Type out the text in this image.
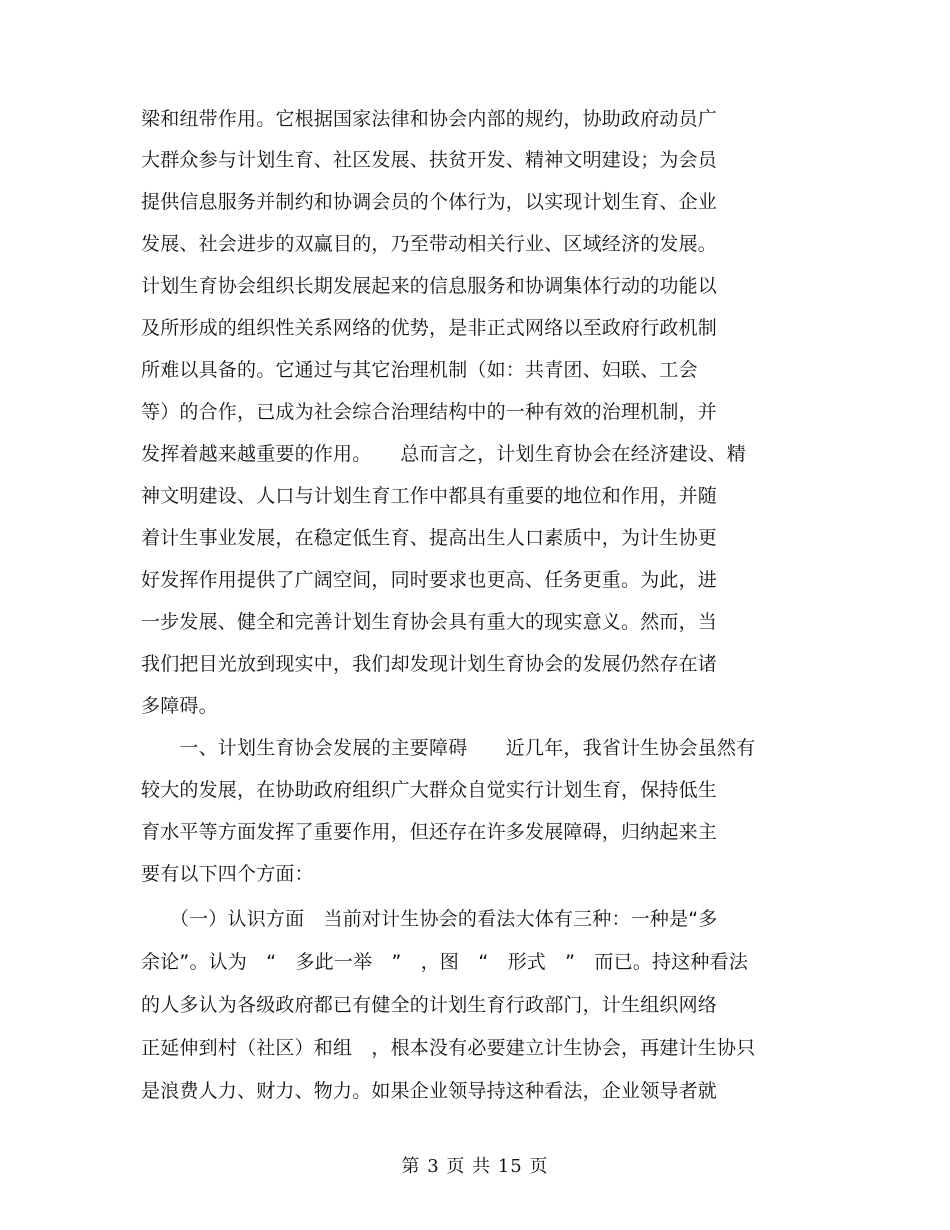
梁和纽带作用。它根据国家法律和协会内部的规约，协助政府动员广
大群众参与计划生育、社区发展、扶贫开发、精神文明建设；为会员
提供信息服务并制约和协调会员的个体行为，以实现计划生育、企业
发展、社会进步的双赢目的，乃至带动相关行业、区域经济的发展。
计划生育协会组织长期发展起来的信息服务和协调集体行动的功能以
及所形成的组织性关系网络的优势，是非正式网络以至政府行政机制
所难以具备的。它通过与其它治理机制（如：共青团、妇联、工会
等）的合作，已成为社会综合治理结构中的一种有效的治理机制，并
发挥着越来越重要的作用。　　总而言之，计划生育协会在经济建设、精
神文明建设、人口与计划生育工作中都具有重要的地位和作用，并随
着计生事业发展，在稳定低生育、提高出生人口素质中，为计生协更
好发挥作用提供了广阔空间，同时要求也更高、任务更重。为此，进
一步发展、健全和完善计划生育协会具有重大的现实意义。然而，当
我们把目光放到现实中，我们却发现计划生育协会的发展仍然存在诸
多障碍。
　　一、计划生育协会发展的主要障碍　　近几年，我省计生协会虽然有
较大的发展，在协助政府组织广大群众自觉实行计划生育，保持低生
育水平等方面发挥了重要作用，但还存在许多发展障碍，归纳起来主
要有以下四个方面：
　　（一）认识方面　当前对计生协会的看法大体有三种：一种是“多
余论”。认为　“　多此一举　”　，图　“　形式　”　而已。持这种看法
的人多认为各级政府都已有健全的计划生育行政部门，计生组织网络
正延伸到村（社区）和组　，根本没有必要建立计生协会，再建计生协只
是浪费人力、财力、物力。如果企业领导持这种看法，企业领导者就
第 3 页 共 15 页
